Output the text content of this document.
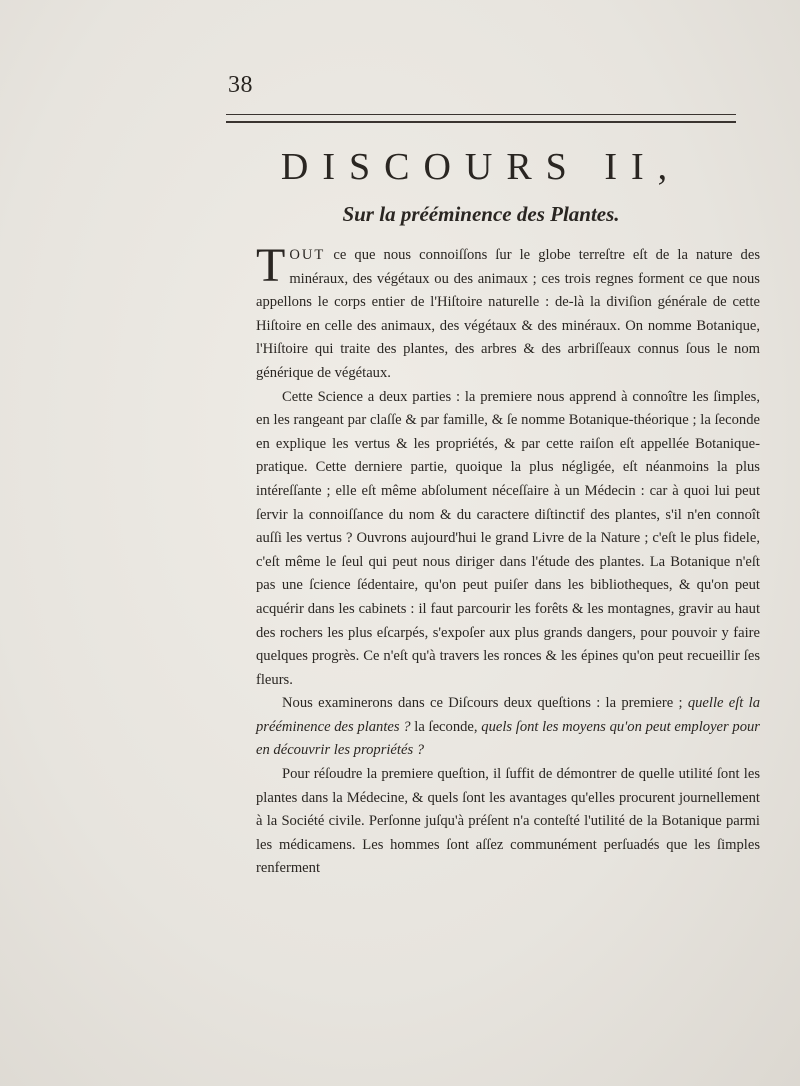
38
DISCOURS II,
Sur la prééminence des Plantes.

TOUT ce que nous connoiſſons ſur le globe terreſtre eſt de la nature des minéraux, des végétaux ou des animaux ; ces trois regnes forment ce que nous appellons le corps entier de l'Hiſtoire naturelle : de-là la diviſion générale de cette Hiſtoire en celle des animaux, des végétaux & des minéraux. On nomme Botanique, l'Hiſtoire qui traite des plantes, des arbres & des arbriſſeaux connus ſous le nom générique de végétaux.

Cette Science a deux parties : la premiere nous apprend à connoître les ſimples, en les rangeant par claſſe & par famille, & ſe nomme Botanique-théorique ; la ſeconde en explique les vertus & les propriétés, & par cette raiſon eſt appellée Botanique-pratique. Cette derniere partie, quoique la plus négligée, eſt néanmoins la plus intéreſſante ; elle eſt même abſolument néceſſaire à un Médecin : car à quoi lui peut ſervir la connoiſſance du nom & du caractere diſtinctif des plantes, s'il n'en connoît auſſi les vertus ? Ouvrons aujourd'hui le grand Livre de la Nature ; c'eſt le plus fidele, c'eſt même le ſeul qui peut nous diriger dans l'étude des plantes. La Botanique n'eſt pas une ſcience ſédentaire, qu'on peut puiſer dans les bibliotheques, & qu'on peut acquérir dans les cabinets : il faut parcourir les forêts & les montagnes, gravir au haut des rochers les plus eſcarpés, s'expoſer aux plus grands dangers, pour pouvoir y faire quelques progrès. Ce n'eſt qu'à travers les ronces & les épines qu'on peut recueillir ſes fleurs.

Nous examinerons dans ce Diſcours deux queſtions : la premiere ; quelle eſt la prééminence des plantes ? la ſeconde, quels ſont les moyens qu'on peut employer pour en découvrir les propriétés ?

Pour réſoudre la premiere queſtion, il ſuffit de démontrer de quelle utilité ſont les plantes dans la Médecine, & quels ſont les avantages qu'elles procurent journellement à la Société civile. Perſonne juſqu'à préſent n'a conteſté l'utilité de la Botanique parmi les médicamens. Les hommes ſont aſſez communément perſuadés que les ſimples renferment
